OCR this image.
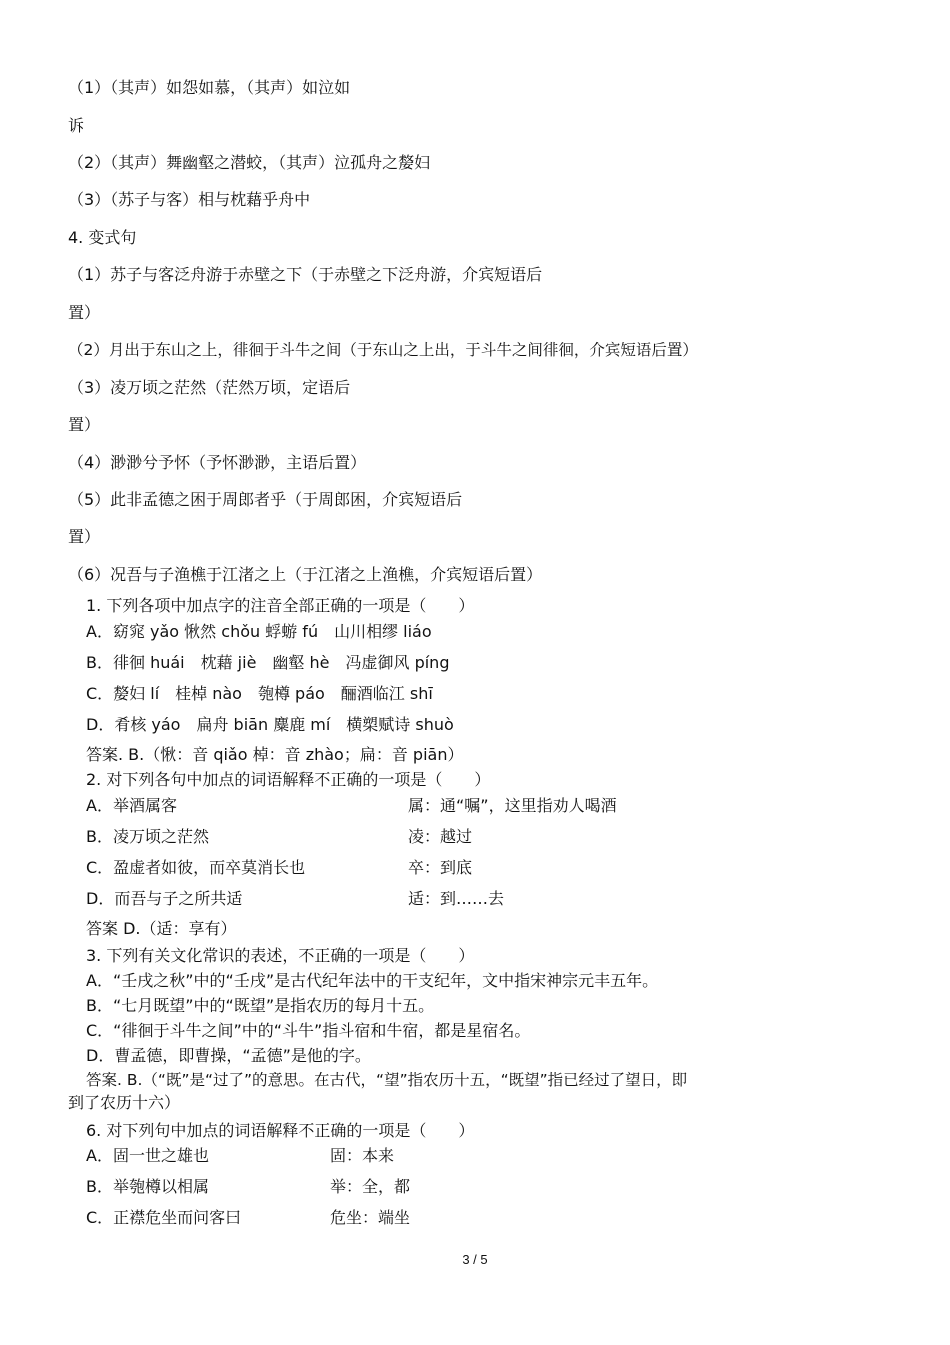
（1）（其声）如怨如慕，（其声）如泣如
诉
（2）（其声）舞幽壑之潜蛟，（其声）泣孤舟之嫠妇
（3）（苏子与客）相与枕藉乎舟中
4. 变式句
（1）苏子与客泛舟游于赤壁之下（于赤壁之下泛舟游，介宾短语后
置）
（2）月出于东山之上，徘徊于斗牛之间（于东山之上出，于斗牛之间徘徊，介宾短语后置）
（3）凌万顷之茫然（茫然万顷，定语后
置）
（4）渺渺兮予怀（予怀渺渺，主语后置）
（5）此非孟德之困于周郎者乎（于周郎困，介宾短语后
置）
（6）况吾与子渔樵于江渚之上（于江渚之上渔樵，介宾短语后置）
1. 下列各项中加点字的注音全部正确的一项是（　　）
A．窈窕 yǎo 愀然 chǒu 蜉蝣 fú　山川相缪 liáo
B．徘徊 huái　枕藉 jiè　幽壑 hè　冯虚御风 píng
C．嫠妇 lí　桂棹 nào　匏樽 páo　酾酒临江 shī
D．肴核 yáo　扁舟 biān 麋鹿 mí　横槊赋诗 shuò
答案. B.（愀：音 qiǎo 棹：音 zhào；扁：音 piān）
2. 对下列各句中加点的词语解释不正确的一项是（　　）
A．举酒属客	属：通“嘱”，这里指劝人喝酒
B．凌万顷之茫然	凌：越过
C．盈虚者如彼，而卒莫消长也	卒：到底
D．而吾与子之所共适	适：到……去
答案 D.（适：享有）
3. 下列有关文化常识的表述，不正确的一项是（　　）
A．“壬戌之秋”中的“壬戌”是古代纪年法中的干支纪年，文中指宋神宗元丰五年。
B．“七月既望”中的“既望”是指农历的每月十五。
C．“徘徊于斗牛之间”中的“斗牛”指斗宿和牛宿，都是星宿名。
D．曹孟德，即曹操，“孟德”是他的字。
答案. B.（“既”是“过了”的意思。在古代，“望”指农历十五，“既望”指已经过了望日，即
到了农历十六）
6. 对下列句中加点的词语解释不正确的一项是（　　）
A．固一世之雄也	固：本来
B．举匏樽以相属	举：全，都
C．正襟危坐而问客曰	危坐：端坐
3 / 5
